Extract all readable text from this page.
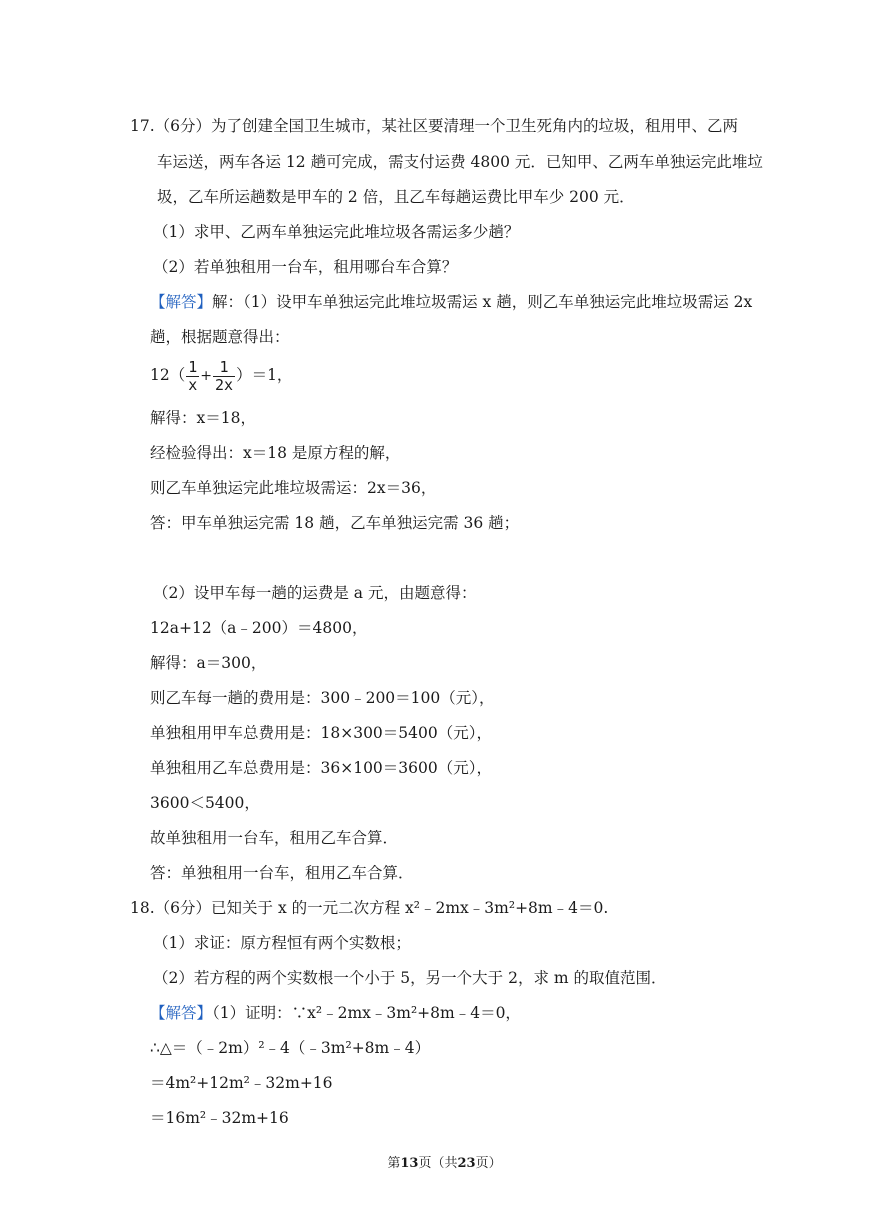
17.（6分）为了创建全国卫生城市，某社区要清理一个卫生死角内的垃圾，租用甲、乙两
车运送，两车各运 12 趟可完成，需支付运费 4800 元．已知甲、乙两车单独运完此堆垃
圾，乙车所运趟数是甲车的 2 倍，且乙车每趟运费比甲车少 200 元．
（1）求甲、乙两车单独运完此堆垃圾各需运多少趟？
（2）若单独租用一台车，租用哪台车合算？
【解答】解：（1）设甲车单独运完此堆垃圾需运 x 趟，则乙车单独运完此堆垃圾需运 2x
趟，根据题意得出：
$12( \frac{1}{x} + \frac{1}{2x} )=1$，
解得：x＝18，
经检验得出：x＝18 是原方程的解，
则乙车单独运完此堆垃圾需运：2x＝36，
答：甲车单独运完需 18 趟，乙车单独运完需 36 趟；
（2）设甲车每一趟的运费是 a 元，由题意得：
12a+12（a﹣200）＝4800，
解得：a＝300，
则乙车每一趟的费用是：300﹣200＝100（元），
单独租用甲车总费用是：18×300＝5400（元），
单独租用乙车总费用是：36×100＝3600（元），
3600＜5400，
故单独租用一台车，租用乙车合算．
答：单独租用一台车，租用乙车合算．
18.（6分）已知关于 x 的一元二次方程 x²﹣2mx﹣3m²+8m﹣4＝0.
（1）求证：原方程恒有两个实数根；
（2）若方程的两个实数根一个小于 5，另一个大于 2，求 m 的取值范围．
【解答】（1）证明：∵x²﹣2mx﹣3m²+8m﹣4＝0，
∴△＝（﹣2m）²﹣4（﹣3m²+8m﹣4）
＝4m²+12m²﹣32m+16
＝16m²﹣32m+16
第13页（共23页）
